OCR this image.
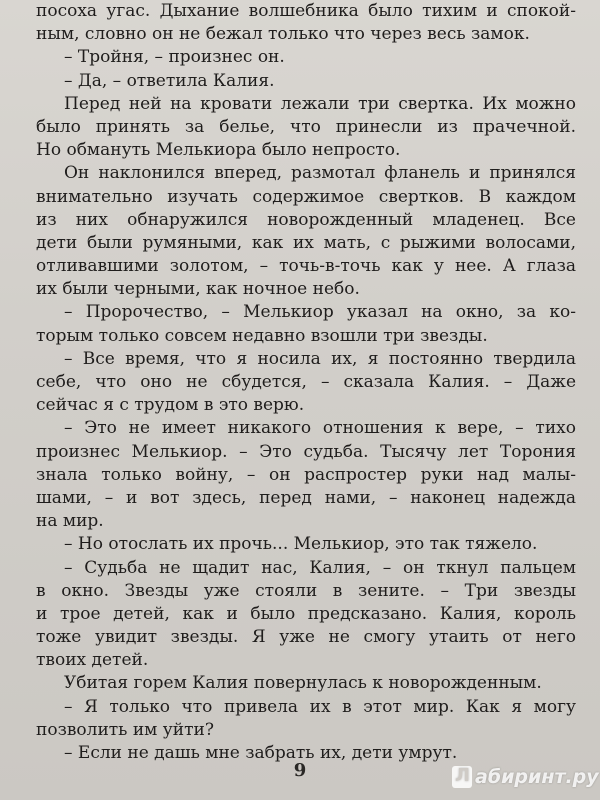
посоха угас. Дыхание волшебника было тихим и спокой-
ным, словно он не бежал только что через весь замок.
– Тройня, – произнес он.
– Да, – ответила Калия.
Перед ней на кровати лежали три свертка. Их можно
было принять за белье, что принесли из прачечной.
Но обмануть Мелькиора было непросто.
Он наклонился вперед, размотал фланель и принялся
внимательно изучать содержимое свертков. В каждом
из них обнаружился новорожденный младенец. Все
дети были румяными, как их мать, с рыжими волосами,
отливавшими золотом, – точь-в-точь как у нее. А глаза
их были черными, как ночное небо.
– Пророчество, – Мелькиор указал на окно, за ко-
торым только совсем недавно взошли три звезды.
– Все время, что я носила их, я постоянно твердила
себе, что оно не сбудется, – сказала Калия. – Даже
сейчас я с трудом в это верю.
– Это не имеет никакого отношения к вере, – тихо
произнес Мелькиор. – Это судьба. Тысячу лет Торония
знала только войну, – он распростер руки над малы-
шами, – и вот здесь, перед нами, – наконец надежда
на мир.
– Но отослать их прочь... Мелькиор, это так тяжело.
– Судьба не щадит нас, Калия, – он ткнул пальцем
в окно. Звезды уже стояли в зените. – Три звезды
и трое детей, как и было предсказано. Калия, король
тоже увидит звезды. Я уже не смогу утаить от него
твоих детей.
Убитая горем Калия повернулась к новорожденным.
– Я только что привела их в этот мир. Как я могу
позволить им уйти?
– Если не дашь мне забрать их, дети умрут.
9
Л	абиринт.ру
